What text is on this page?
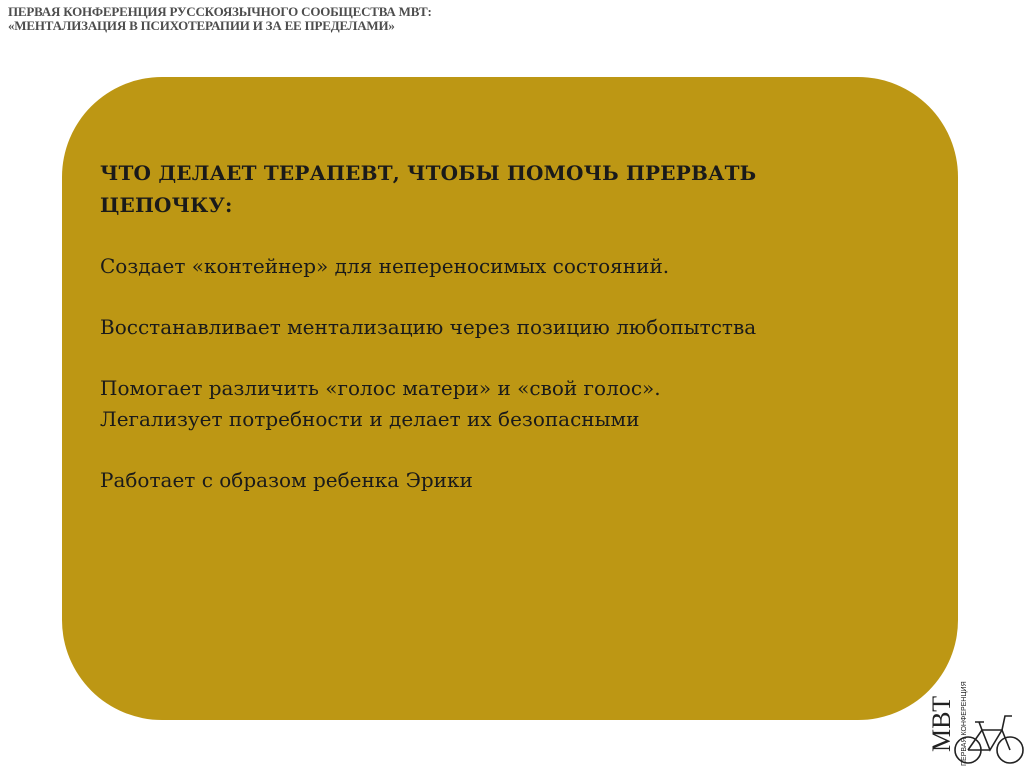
ПЕРВАЯ КОНФЕРЕНЦИЯ РУССКОЯЗЫЧНОГО СООБЩЕСТВА МВТ:
«МЕНТАЛИЗАЦИЯ В ПСИХОТЕРАПИИ И ЗА ЕЕ ПРЕДЕЛАМИ»
ЧТО ДЕЛАЕТ ТЕРАПЕВТ, ЧТОБЫ ПОМОЧЬ ПРЕРВАТЬ
ЦЕПОЧКУ:
Создает «контейнер» для непереносимых состояний.
Восстанавливает ментализацию через позицию любопытства
Помогает различить «голос матери» и «свой голос».
Легализует потребности и делает их безопасными
Работает с образом ребенка Эрики
МВТ ПЕРВАЯ КОНФЕРЕНЦИЯ
